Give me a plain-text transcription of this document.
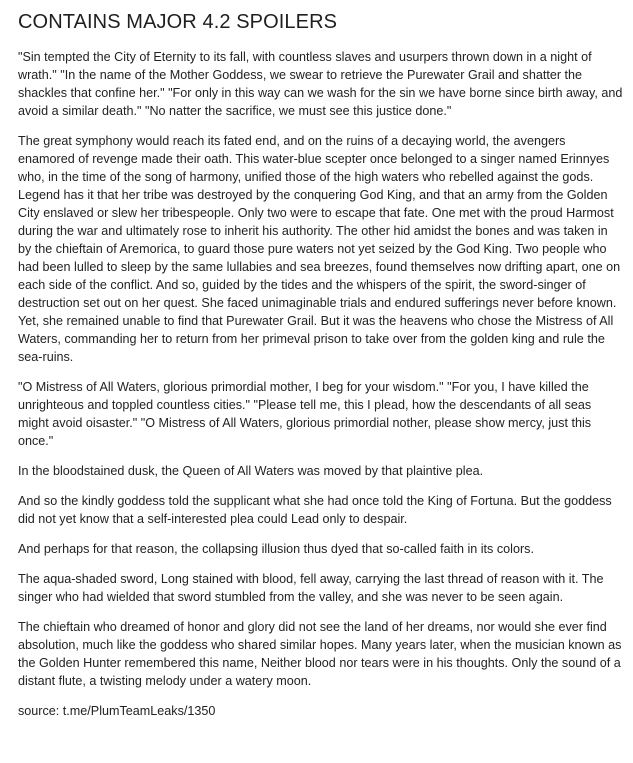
CONTAINS MAJOR 4.2 SPOILERS

"Sin tempted the City of Eternity to its fall, with countless slaves and usurpers thrown down in a night of wrath." "In the name of the Mother Goddess, we swear to retrieve the Purewater Grail and shatter the shackles that confine her." "For only in this way can we wash for the sin we have borne since birth away, and avoid a similar death." "No natter the sacrifice, we must see this justice done."

The great symphony would reach its fated end, and on the ruins of a decaying world, the avengers enamored of revenge made their oath. This water-blue scepter once belonged to a singer named Erinnyes who, in the time of the song of harmony, unified those of the high waters who rebelled against the gods. Legend has it that her tribe was destroyed by the conquering God King, and that an army from the Golden City enslaved or slew her tribespeople. Only two were to escape that fate. One met with the proud Harmost during the war and ultimately rose to inherit his authority. The other hid amidst the bones and was taken in by the chieftain of Aremorica, to guard those pure waters not yet seized by the God King. Two people who had been lulled to sleep by the same lullabies and sea breezes, found themselves now drifting apart, one on each side of the conflict. And so, guided by the tides and the whispers of the spirit, the sword-singer of destruction set out on her quest. She faced unimaginable trials and endured sufferings never before known. Yet, she remained unable to find that Purewater Grail. But it was the heavens who chose the Mistress of All Waters, commanding her to return from her primeval prison to take over from the golden king and rule the sea-ruins.

"O Mistress of All Waters, glorious primordial mother, I beg for your wisdom." "For you, I have killed the unrighteous and toppled countless cities." "Please tell me, this I plead, how the descendants of all seas might avoid oisaster." "O Mistress of All Waters, glorious primordial nother, please show mercy, just this once."

In the bloodstained dusk, the Queen of All Waters was moved by that plaintive plea.

And so the kindly goddess told the supplicant what she had once told the King of Fortuna. But the goddess did not yet know that a self-interested plea could Lead only to despair.

And perhaps for that reason, the collapsing illusion thus dyed that so-called faith in its colors.

The aqua-shaded sword, Long stained with blood, fell away, carrying the last thread of reason with it. The singer who had wielded that sword stumbled from the valley, and she was never to be seen again.

The chieftain who dreamed of honor and glory did not see the land of her dreams, nor would she ever find absolution, much like the goddess who shared similar hopes. Many years later, when the musician known as the Golden Hunter remembered this name, Neither blood nor tears were in his thoughts. Only the sound of a distant flute, a twisting melody under a watery moon.

source: t.me/PlumTeamLeaks/1350
